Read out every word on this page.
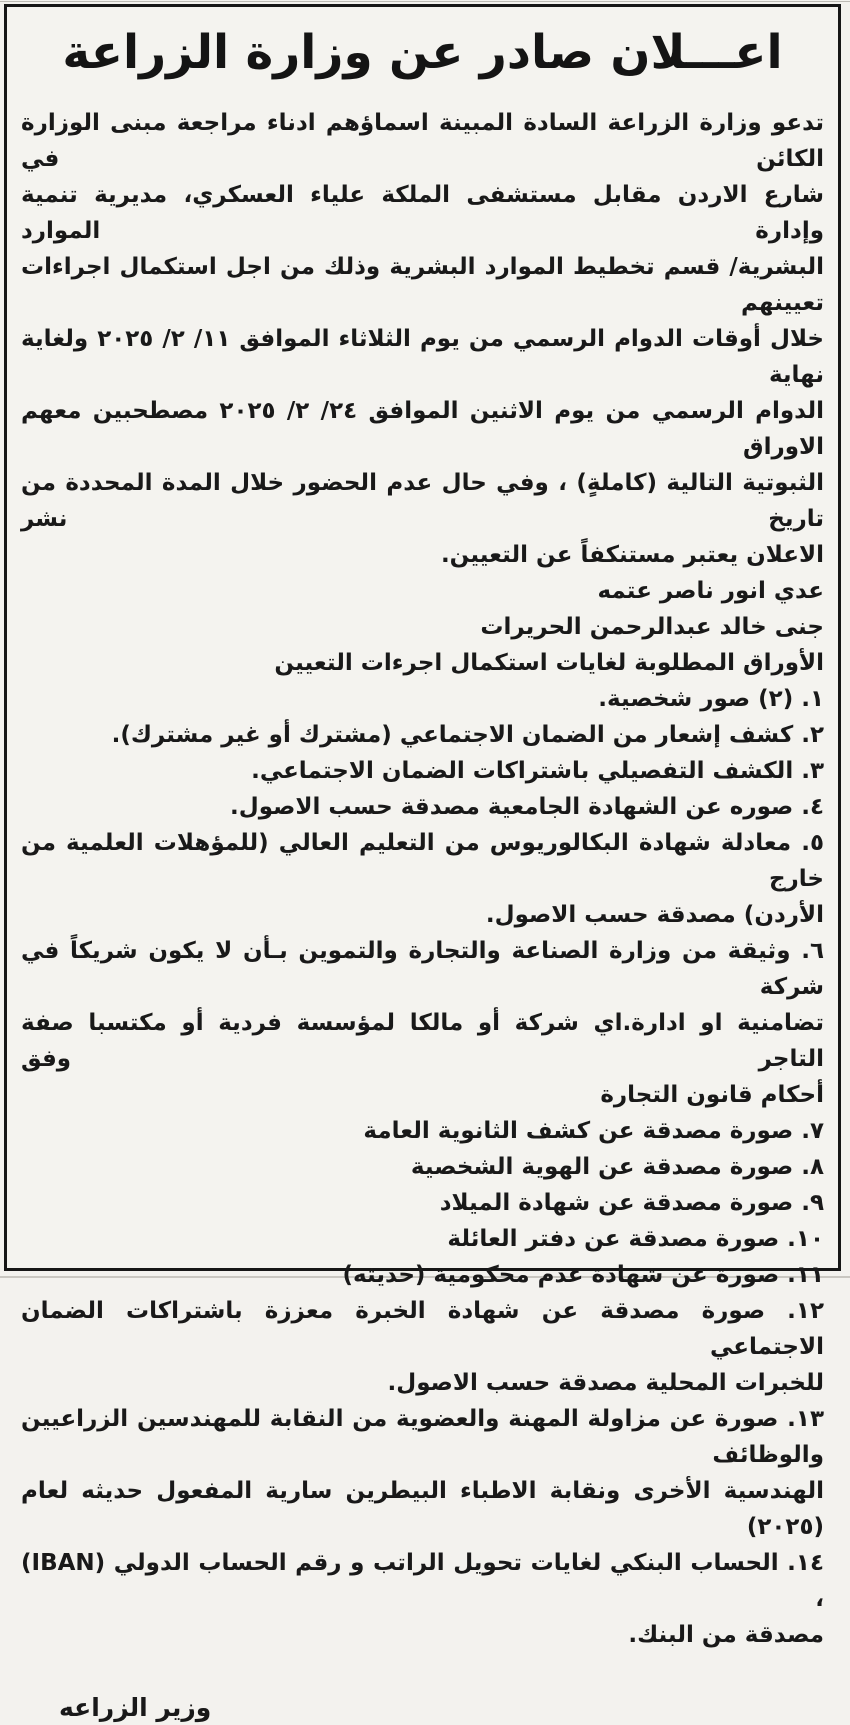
اعـــلان صادر عن وزارة الزراعة
تدعو وزارة الزراعة السادة المبينة اسماؤهم ادناء مراجعة مبنى الوزارة الكائن في
شارع الاردن مقابل مستشفى الملكة علياء العسكري، مديرية تنمية وإدارة الموارد
البشرية/ قسم تخطيط الموارد البشرية وذلك من اجل استكمال اجراءات تعيينهم
خلال أوقات الدوام الرسمي من يوم الثلاثاء الموافق ١١/ ٢/ ٢٠٢٥ ولغاية نهاية
الدوام الرسمي من يوم الاثنين الموافق ٢٤/ ٢/ ٢٠٢٥ مصطحبين معهم الاوراق
الثبوتية التالية (كاملةٍ) ، وفي حال عدم الحضور خلال المدة المحددة من تاريخ نشر
الاعلان يعتبر مستنكفاً عن التعيين.
عدي انور ناصر عتمه
جنى خالد عبدالرحمن الحريرات
الأوراق المطلوبة لغايات استكمال اجرءات التعيين
١. (٢) صور شخصية.
٢. كشف إشعار من الضمان الاجتماعي (مشترك أو غير مشترك).
٣. الكشف التفصيلي باشتراكات الضمان الاجتماعي.
٤. صوره عن الشهادة الجامعية مصدقة حسب الاصول.
٥. معادلة شهادة البكالوريوس من التعليم العالي (للمؤهلات العلمية من خارج
الأردن) مصدقة حسب الاصول.
٦. وثيقة من وزارة الصناعة والتجارة والتموين بـأن لا يكون شريكاً في شركة
تضامنية او ادارة.اي شركة أو مالكا لمؤسسة فردية أو مكتسبا صفة التاجر وفق
أحكام قانون التجارة
٧. صورة مصدقة عن كشف الثانوية العامة
٨. صورة مصدقة عن الهوية الشخصية
٩. صورة مصدقة عن شهادة الميلاد
١٠. صورة مصدقة عن دفتر العائلة
١١. صورة عن شهادة عدم محكومية (حديثه)
١٢. صورة مصدقة عن شهادة الخبرة معززة باشتراكات الضمان الاجتماعي
للخبرات المحلية مصدقة حسب الاصول.
١٣. صورة عن مزاولة المهنة والعضوية من النقابة للمهندسين الزراعيين والوظائف
الهندسية الأخرى ونقابة الاطباء البيطرين سارية المفعول حديثه لعام (٢٠٢٥)
١٤. الحساب البنكي لغايات تحويل الراتب و رقم الحساب الدولي (IBAN) ،
مصدقة من البنك.
وزير الزراعه
